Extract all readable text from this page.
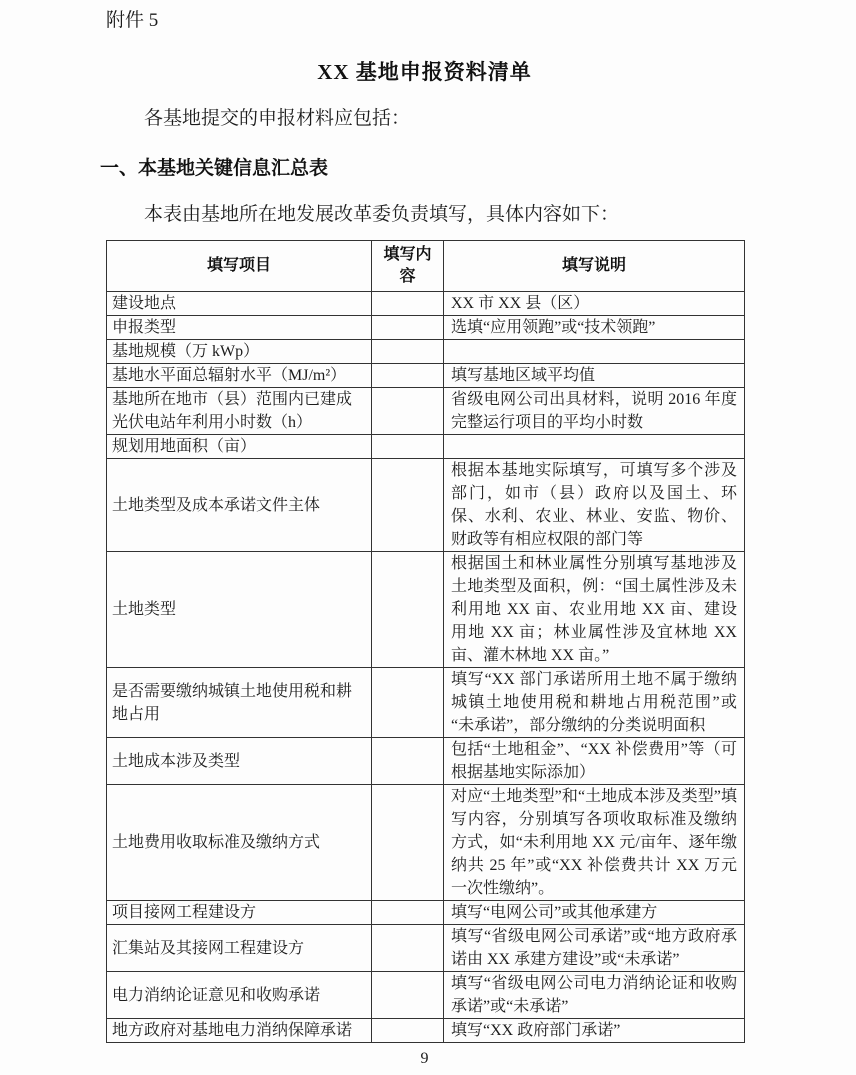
附件 5
XX 基地申报资料清单

各基地提交的申报材料应包括：

一、本基地关键信息汇总表

本表由基地所在地发展改革委负责填写，具体内容如下：

填写项目	填写内容	填写说明
建设地点		XX 市 XX 县（区）
申报类型		选填“应用领跑”或“技术领跑”
基地规模（万 kWp）		
基地水平面总辐射水平（MJ/m²）		填写基地区域平均值
基地所在地市（县）范围内已建成光伏电站年利用小时数（h）		省级电网公司出具材料，说明 2016 年度完整运行项目的平均小时数
规划用地面积（亩）		
土地类型及成本承诺文件主体		根据本基地实际填写，可填写多个涉及部门，如市（县）政府以及国土、环保、水利、农业、林业、安监、物价、财政等有相应权限的部门等
土地类型		根据国土和林业属性分别填写基地涉及土地类型及面积，例：“国土属性涉及未利用地 XX 亩、农业用地 XX 亩、建设用地 XX 亩；林业属性涉及宜林地 XX 亩、灌木林地 XX 亩。”
是否需要缴纳城镇土地使用税和耕地占用		填写“XX 部门承诺所用土地不属于缴纳城镇土地使用税和耕地占用税范围”或“未承诺”，部分缴纳的分类说明面积
土地成本涉及类型		包括“土地租金”、“XX 补偿费用”等（可根据基地实际添加）
土地费用收取标准及缴纳方式		对应“土地类型”和“土地成本涉及类型”填写内容，分别填写各项收取标准及缴纳方式，如“未利用地 XX 元/亩年、逐年缴纳共 25 年”或“XX 补偿费共计 XX 万元一次性缴纳”。
项目接网工程建设方		填写“电网公司”或其他承建方
汇集站及其接网工程建设方		填写“省级电网公司承诺”或“地方政府承诺由 XX 承建方建设”或“未承诺”
电力消纳论证意见和收购承诺		填写“省级电网公司电力消纳论证和收购承诺”或“未承诺”
地方政府对基地电力消纳保障承诺		填写“XX 政府部门承诺”
9
